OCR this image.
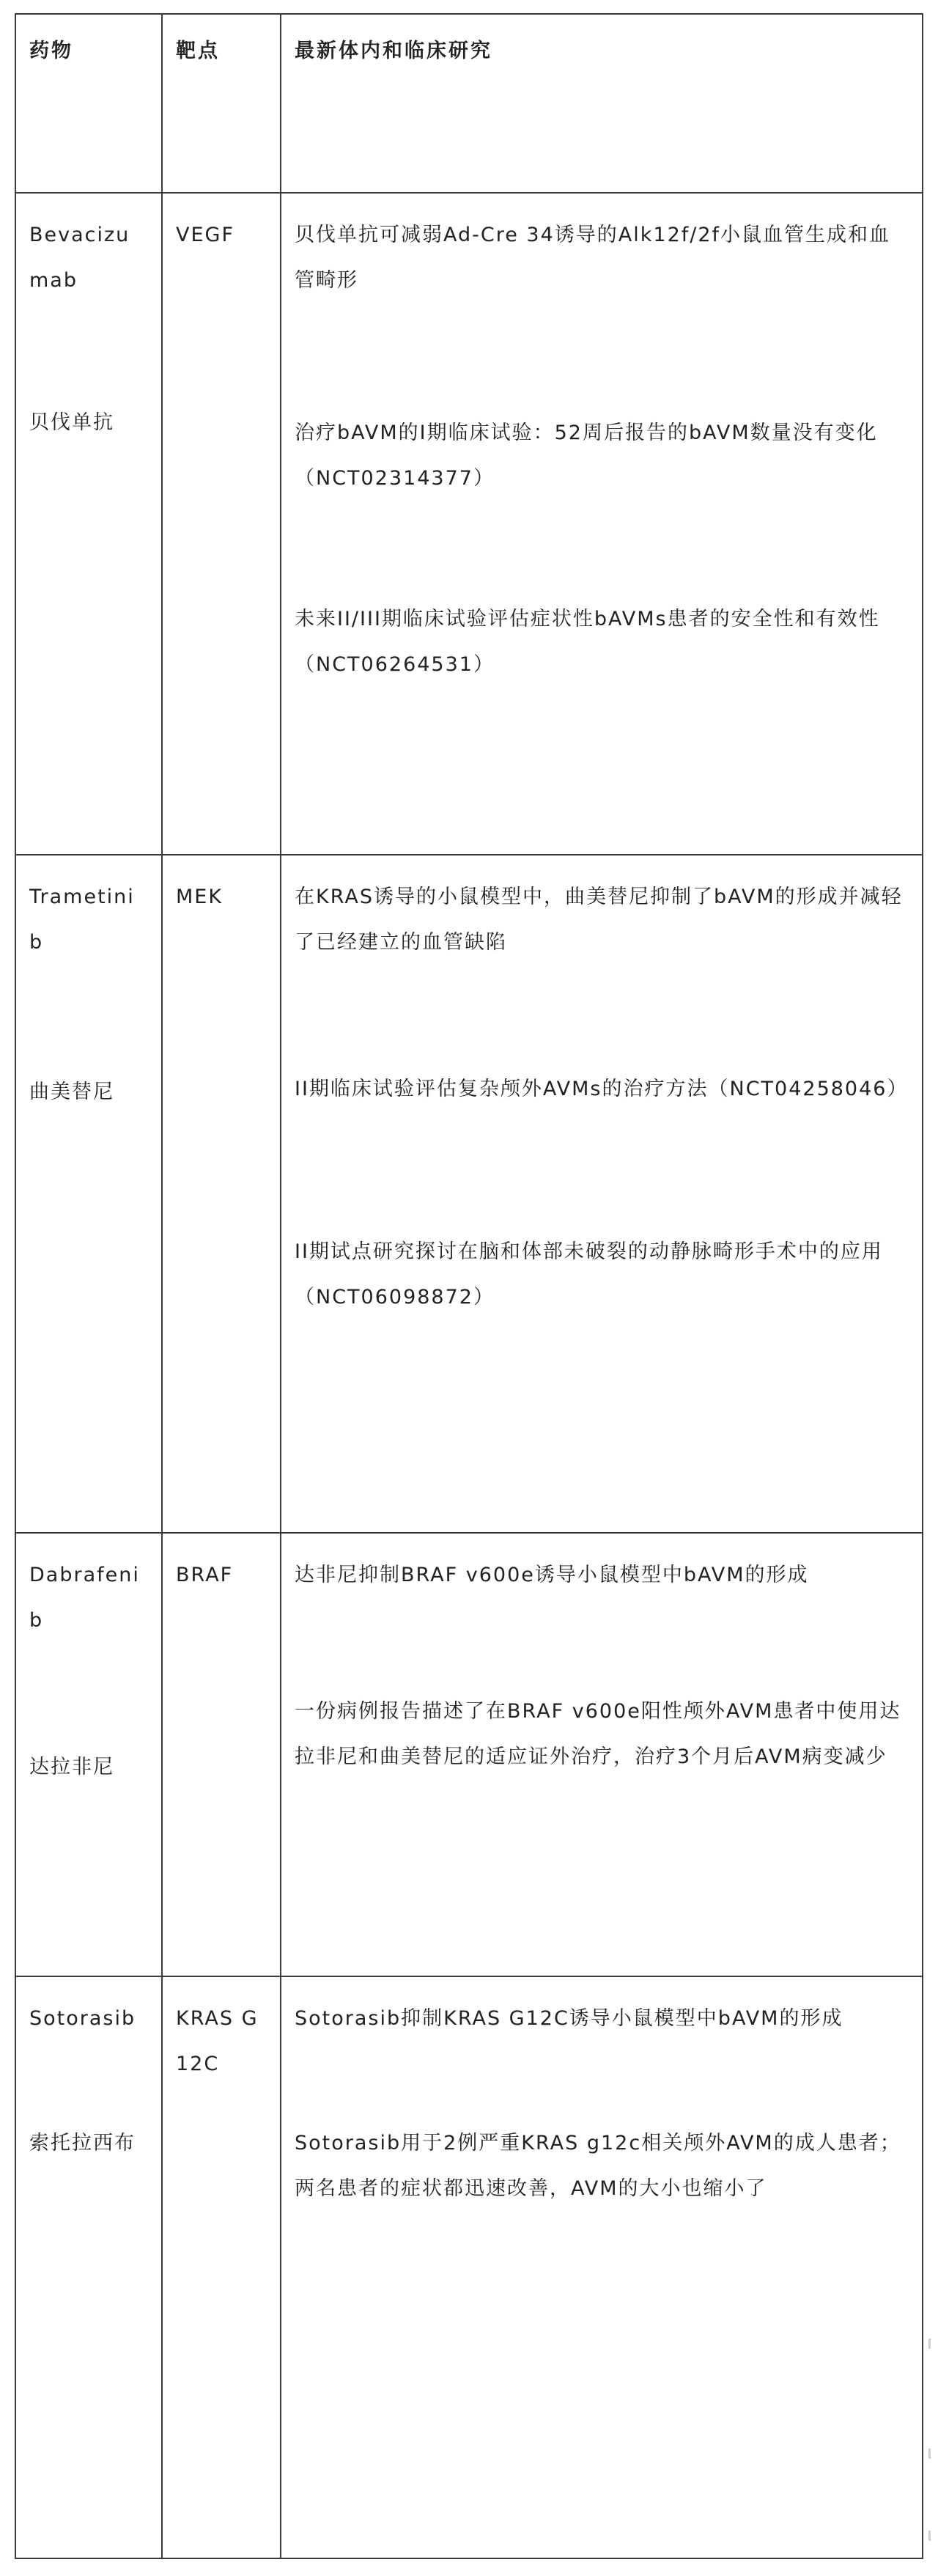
药物	靶点	最新体内和临床研究

Bevacizumab
贝伐单抗	VEGF	贝伐单抗可减弱Ad-Cre 34诱导的Alk12f/2f小鼠血管生成和血管畸形
治疗bAVM的I期临床试验：52周后报告的bAVM数量没有变化（NCT02314377）
未来II/III期临床试验评估症状性bAVMs患者的安全性和有效性（NCT06264531）

Trametinib
曲美替尼	MEK	在KRAS诱导的小鼠模型中，曲美替尼抑制了bAVM的形成并减轻了已经建立的血管缺陷
II期临床试验评估复杂颅外AVMs的治疗方法（NCT04258046）
II期试点研究探讨在脑和体部未破裂的动静脉畸形手术中的应用（NCT06098872）

Dabrafenib
达拉非尼	BRAF	达非尼抑制BRAF v600e诱导小鼠模型中bAVM的形成
一份病例报告描述了在BRAF v600e阳性颅外AVM患者中使用达拉非尼和曲美替尼的适应证外治疗，治疗3个月后AVM病变减少

Sotorasib
索托拉西布	KRAS G12C	Sotorasib抑制KRAS G12C诱导小鼠模型中bAVM的形成
Sotorasib用于2例严重KRAS g12c相关颅外AVM的成人患者；两名患者的症状都迅速改善，AVM的大小也缩小了
